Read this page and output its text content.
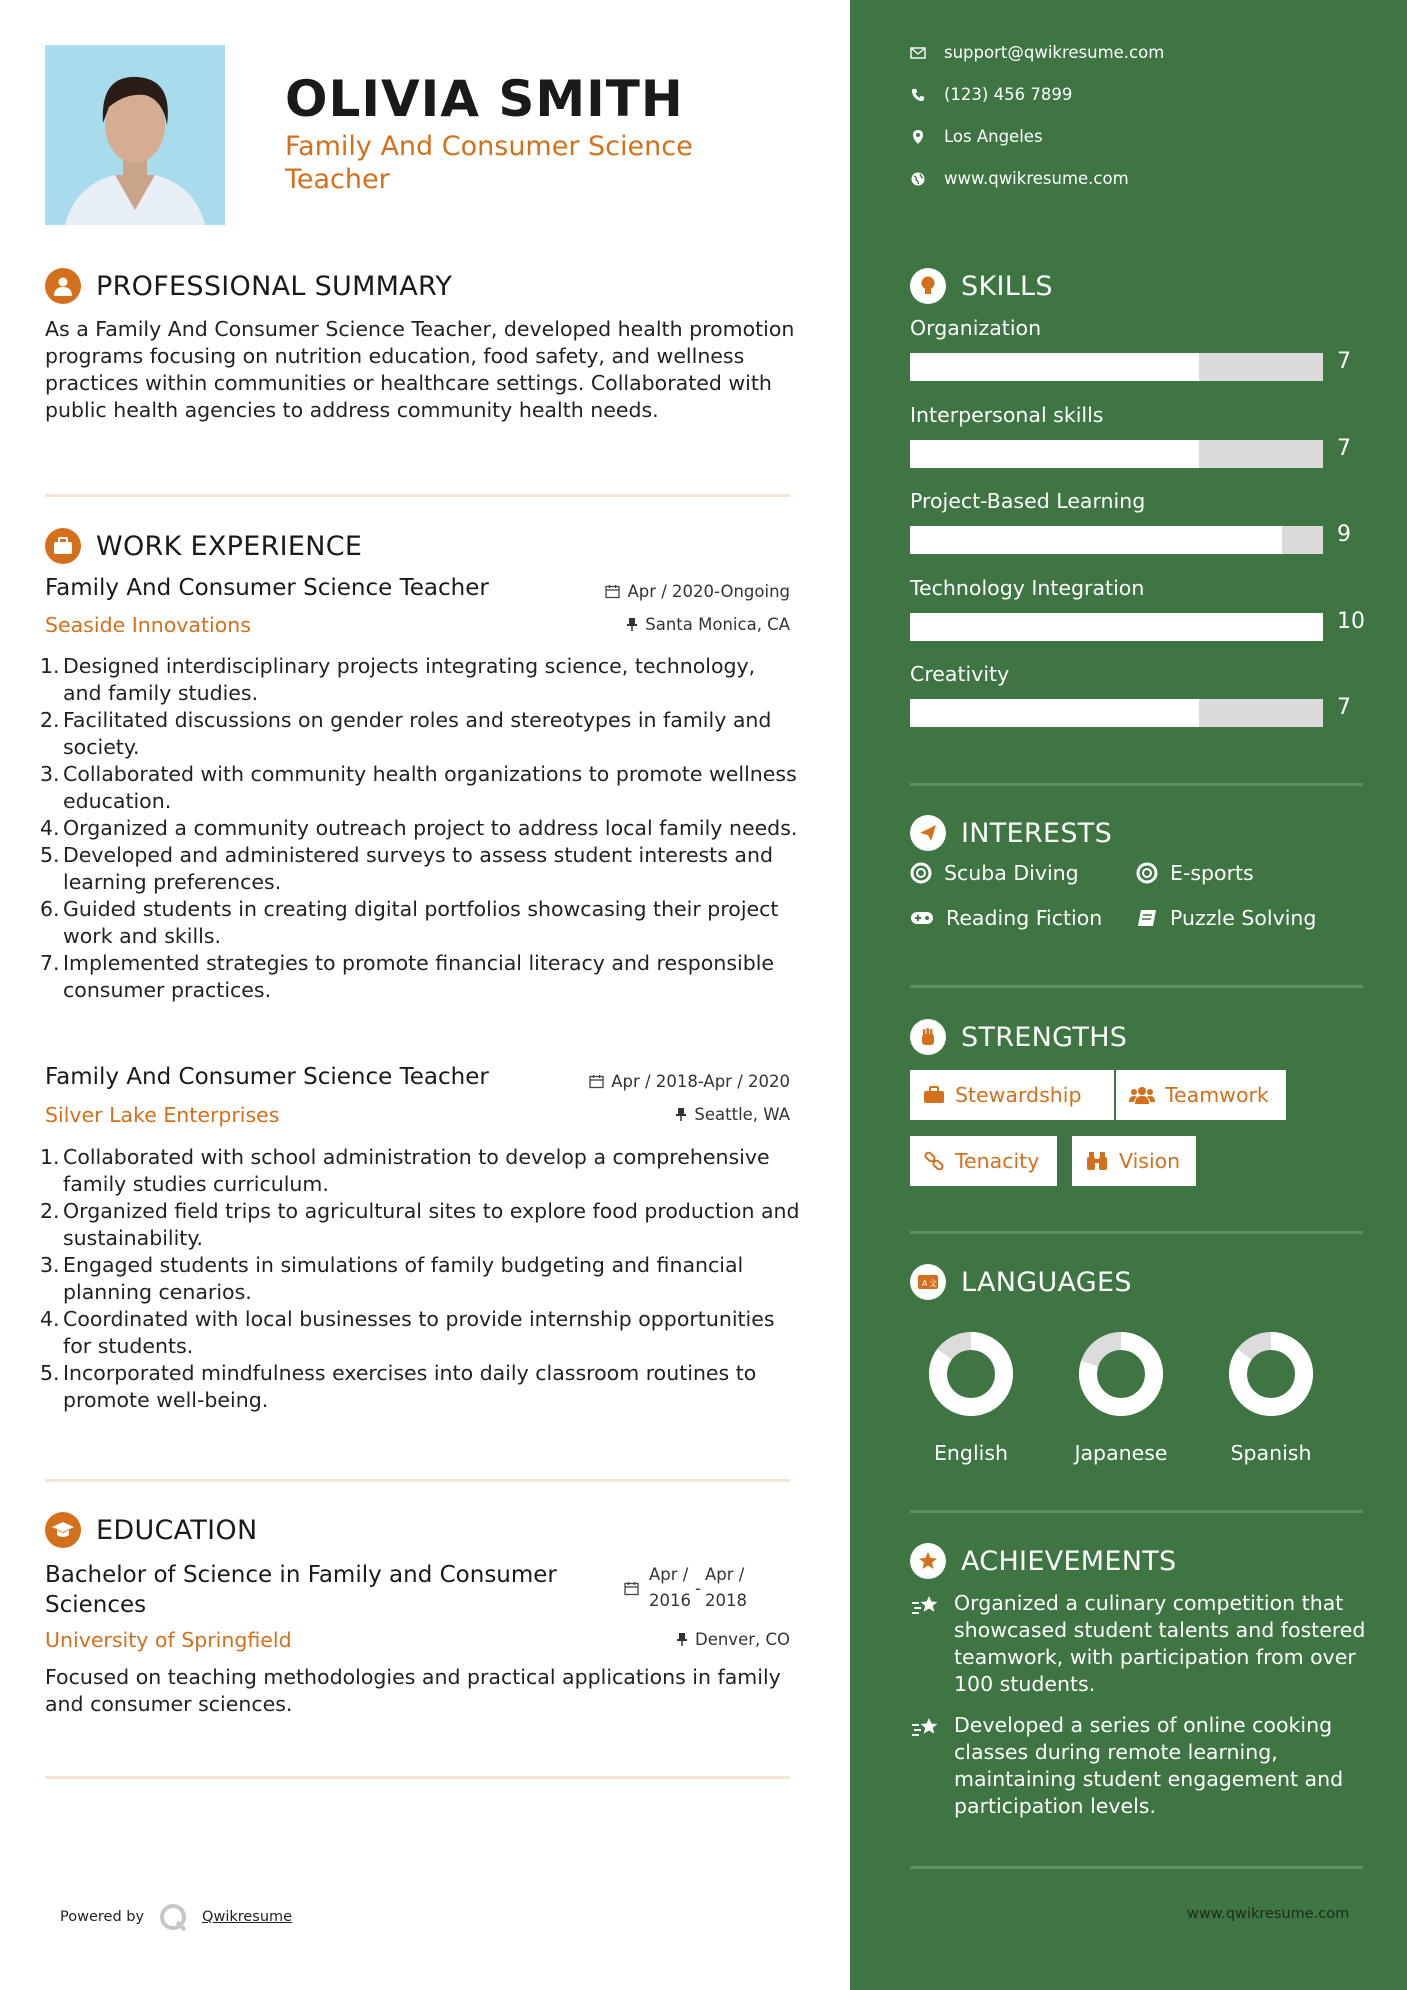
OLIVIA SMITH
Family And Consumer Science Teacher
PROFESSIONAL SUMMARY
As a Family And Consumer Science Teacher, developed health promotion programs focusing on nutrition education, food safety, and wellness practices within communities or healthcare settings. Collaborated with public health agencies to address community health needs.
WORK EXPERIENCE
Family And Consumer Science Teacher	Apr / 2020-Ongoing
Seaside Innovations	Santa Monica, CA
1. Designed interdisciplinary projects integrating science, technology, and family studies.
2. Facilitated discussions on gender roles and stereotypes in family and society.
3. Collaborated with community health organizations to promote wellness education.
4. Organized a community outreach project to address local family needs.
5. Developed and administered surveys to assess student interests and learning preferences.
6. Guided students in creating digital portfolios showcasing their project work and skills.
7. Implemented strategies to promote financial literacy and responsible consumer practices.
Family And Consumer Science Teacher	Apr / 2018-Apr / 2020
Silver Lake Enterprises	Seattle, WA
1. Collaborated with school administration to develop a comprehensive family studies curriculum.
2. Organized field trips to agricultural sites to explore food production and sustainability.
3. Engaged students in simulations of family budgeting and financial planning cenarios.
4. Coordinated with local businesses to provide internship opportunities for students.
5. Incorporated mindfulness exercises into daily classroom routines to promote well-being.
EDUCATION
Bachelor of Science in Family and Consumer Sciences
Apr /
2016
-
Apr /
2018
University of Springfield	Denver, CO
Focused on teaching methodologies and practical applications in family and consumer sciences.
Powered by	Qwikresume
support@qwikresume.com
(123) 456 7899
Los Angeles
www.qwikresume.com
SKILLS
Organization
7
Interpersonal skills
7
Project-Based Learning
9
Technology Integration
10
Creativity
7
INTERESTS
Scuba Diving	E-sports
Reading Fiction	Puzzle Solving
STRENGTHS
Stewardship	Teamwork
Tenacity	Vision
A 文 LANGUAGES
English	Japanese	Spanish
ACHIEVEMENTS
Organized a culinary competition that showcased student talents and fostered teamwork, with participation from over 100 students.
Developed a series of online cooking classes during remote learning, maintaining student engagement and participation levels.
www.qwikresume.com
